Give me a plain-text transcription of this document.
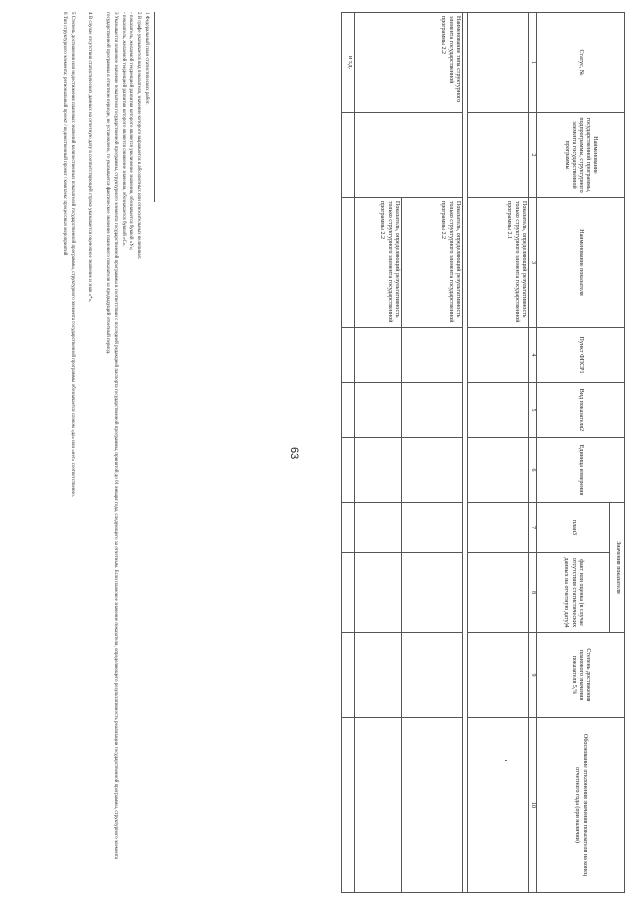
63
Статус, №	Наименование государственной программы, подпрограммы, структурного элемента государственной программы	Наименование показателя	Пункт ФПСР1	Вид показателя2	Единица измерения	Значения показателя		Степень достижения планового значения показателя 5,%	Обоснование отклонения значения показателя на конец отчетного года (при наличии)
						план3	факт или оценка (в случае отсутствия статистических данных на отчетную дату)4		
1	2	3	4	5	6	7	8	9	10
		Показатель, определяющий результативность только структурного элемента государственной программы 2.1							

Наименование типа структурного элемента государственной программы 2.2		Показатель, определяющий результативность только структурного элемента государственной программы 2.2							
		Показатель, определяющий результативность только структурного элемента государственной программы 2.2							
и т.д.									

1 Федеральный план статистических работ.

2 В графе указывается вид показателя, значение которого выражается в абсолютных или относительных величинах:

- показатель, желаемой тенденцией развития которого является увеличение значения, обозначается буквой «У»;

- показатель, желаемой тенденцией развития которого является снижение значения, обозначается буквой «С».

3 Указывается плановое значение показателя государственной программы, структурного элемента государственной программы в соответствии с последней редакцией паспорта государственной программы, принятой до 01 января года, следующего за отчетным. Если плановое значение показателя, определяющего результативность реализации государственной программы, структурного элемента государственной программы в отчетном периоде, не установлено, то указывается фактическое значение планового показателя за предыдущий отчетный период.

4 В случае отсутствия статистических данных на отчетную дату в соответствующей строке указывается оценочное значение и знак «*».

5 Степень достижения или недостижения плановых значений количественных показателей государственной программы, структурного элемента государственной программы обозначается словом «да» или «нет» соответственно.

6 Тип структурного элемента: региональный проект / ведомственный проект / комплекс процессных мероприятий
